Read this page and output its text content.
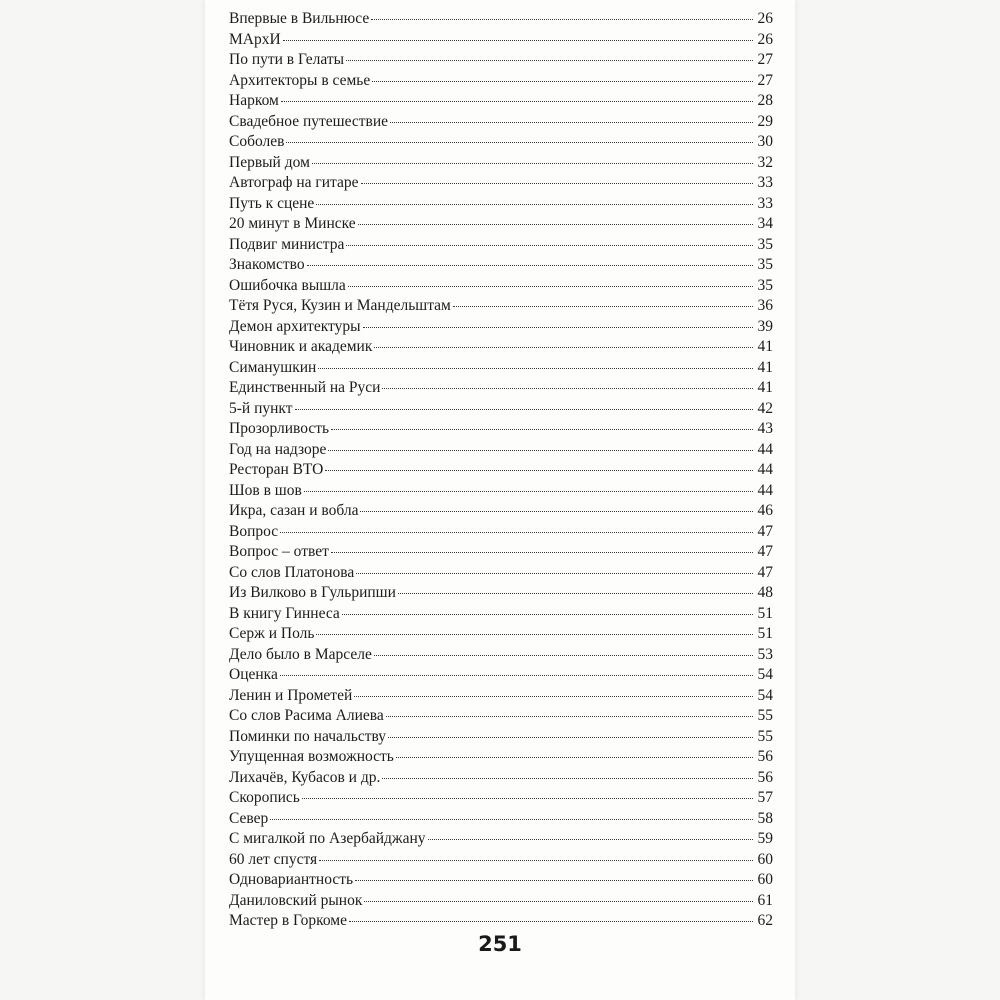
Впервые в Вильнюсе	26
МАрхИ	26
По пути в Гелаты	27
Архитекторы в семье	27
Нарком	28
Свадебное путешествие	29
Соболев	30
Первый дом	32
Автограф на гитаре	33
Путь к сцене	33
20 минут в Минске	34
Подвиг министра	35
Знакомство	35
Ошибочка вышла	35
Тётя Руся, Кузин и Мандельштам	36
Демон архитектуры	39
Чиновник и академик	41
Симанушкин	41
Единственный на Руси	41
5-й пункт	42
Прозорливость	43
Год на надзоре	44
Ресторан ВТО	44
Шов в шов	44
Икра, сазан и вобла	46
Вопрос	47
Вопрос – ответ	47
Со слов Платонова	47
Из Вилково в Гульрипши	48
В книгу Гиннеса	51
Серж и Поль	51
Дело было в Марселе	53
Оценка	54
Ленин и Прометей	54
Со слов Расима Алиева	55
Поминки по начальству	55
Упущенная возможность	56
Лихачёв, Кубасов и др.	56
Скоропись	57
Север	58
С мигалкой по Азербайджану	59
60 лет спустя	60
Одновариантность	60
Даниловский рынок	61
Мастер в Горкоме	62
251
